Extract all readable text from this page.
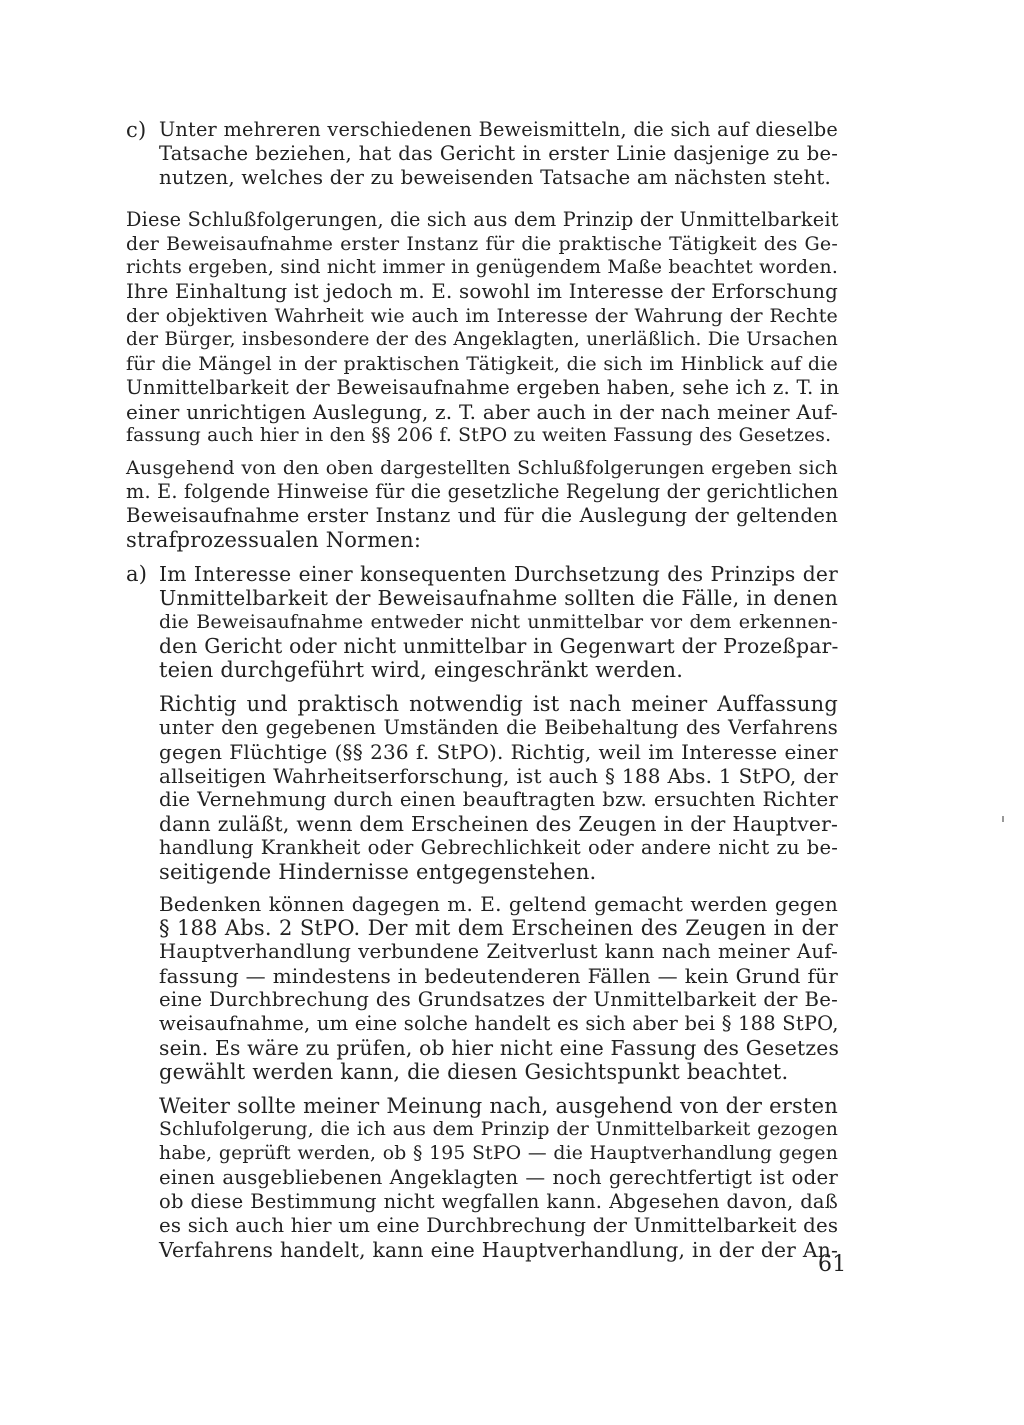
c) Unter mehreren verschiedenen Beweismitteln, die sich auf dieselbe
Tatsache beziehen, hat das Gericht in erster Linie dasjenige zu be-
nutzen, welches der zu beweisenden Tatsache am nächsten steht.
Diese Schlußfolgerungen, die sich aus dem Prinzip der Unmittelbarkeit
der Beweisaufnahme erster Instanz für die praktische Tätigkeit des Ge-
richts ergeben, sind nicht immer in genügendem Maße beachtet worden.
Ihre Einhaltung ist jedoch m. E. sowohl im Interesse der Erforschung
der objektiven Wahrheit wie auch im Interesse der Wahrung der Rechte
der Bürger, insbesondere der des Angeklagten, unerläßlich. Die Ursachen
für die Mängel in der praktischen Tätigkeit, die sich im Hinblick auf die
Unmittelbarkeit der Beweisaufnahme ergeben haben, sehe ich z. T. in
einer unrichtigen Auslegung, z. T. aber auch in der nach meiner Auf-
fassung auch hier in den §§ 206 f. StPO zu weiten Fassung des Gesetzes.
Ausgehend von den oben dargestellten Schlußfolgerungen ergeben sich
m. E. folgende Hinweise für die gesetzliche Regelung der gerichtlichen
Beweisaufnahme erster Instanz und für die Auslegung der geltenden
strafprozessualen Normen:
a) Im Interesse einer konsequenten Durchsetzung des Prinzips der
Unmittelbarkeit der Beweisaufnahme sollten die Fälle, in denen
die Beweisaufnahme entweder nicht unmittelbar vor dem erkennen-
den Gericht oder nicht unmittelbar in Gegenwart der Prozeßpar-
teien durchgeführt wird, eingeschränkt werden.
Richtig und praktisch notwendig ist nach meiner Auffassung
unter den gegebenen Umständen die Beibehaltung des Verfahrens
gegen Flüchtige (§§ 236 f. StPO). Richtig, weil im Interesse einer
allseitigen Wahrheitserforschung, ist auch § 188 Abs. 1 StPO, der
die Vernehmung durch einen beauftragten bzw. ersuchten Richter
dann zuläßt, wenn dem Erscheinen des Zeugen in der Hauptver-
handlung Krankheit oder Gebrechlichkeit oder andere nicht zu be-
seitigende Hindernisse entgegenstehen.
Bedenken können dagegen m. E. geltend gemacht werden gegen
§ 188 Abs. 2 StPO. Der mit dem Erscheinen des Zeugen in der
Hauptverhandlung verbundene Zeitverlust kann nach meiner Auf-
fassung — mindestens in bedeutenderen Fällen — kein Grund für
eine Durchbrechung des Grundsatzes der Unmittelbarkeit der Be-
weisaufnahme, um eine solche handelt es sich aber bei § 188 StPO,
sein. Es wäre zu prüfen, ob hier nicht eine Fassung des Gesetzes
gewählt werden kann, die diesen Gesichtspunkt beachtet.
Weiter sollte meiner Meinung nach, ausgehend von der ersten
Schlufolgerung, die ich aus dem Prinzip der Unmittelbarkeit gezogen
habe, geprüft werden, ob § 195 StPO — die Hauptverhandlung gegen
einen ausgebliebenen Angeklagten — noch gerechtfertigt ist oder
ob diese Bestimmung nicht wegfallen kann. Abgesehen davon, daß
es sich auch hier um eine Durchbrechung der Unmittelbarkeit des
Verfahrens handelt, kann eine Hauptverhandlung, in der der An-
61
